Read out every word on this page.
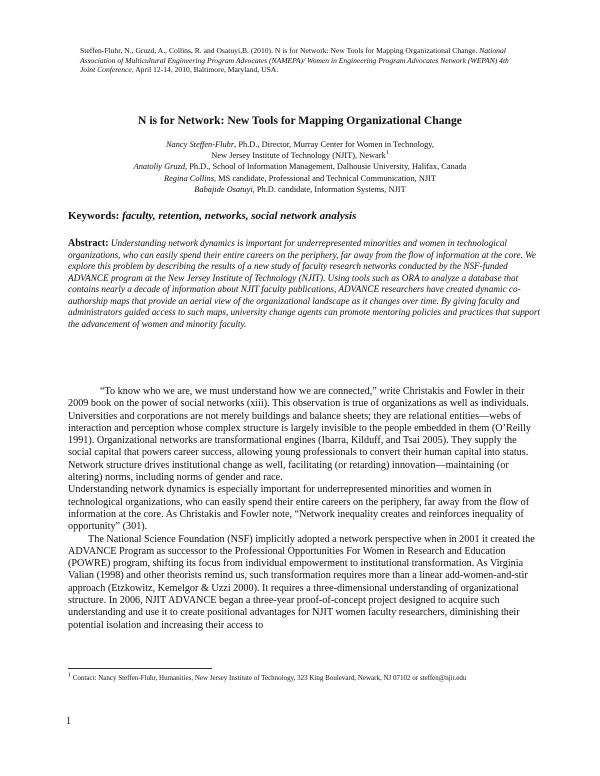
Steffen-Fluhr, N., Gruzd, A., Collins, R. and Osatuyi,B. (2010). N is for Network: New Tools for Mapping Organizational Change. National Association of Multicultural Engineering Program Advocates (NAMEPA)/ Women in Engineering Program Advocates Network (WEPAN) 4th Joint Conference, April 12-14, 2010, Baltimore, Maryland, USA.
N is for Network: New Tools for Mapping Organizational Change
Nancy Steffen-Fluhr, Ph.D., Director, Murray Center for Women in Technology,
New Jersey Institute of Technology (NJIT), Newark$^1$
Anatoliy Gruzd, Ph.D., School of Information Management, Dalhousie University, Halifax, Canada
Regina Collins, MS candidate, Professional and Technical Communication, NJIT
Babajide Osatuyi, Ph.D. candidate, Information Systems, NJIT
Keywords: faculty, retention, networks, social network analysis
Abstract: Understanding network dynamics is important for underrepresented minorities and women in technological organizations, who can easily spend their entire careers on the periphery, far away from the flow of information at the core. We explore this problem by describing the results of a new study of faculty research networks conducted by the NSF-funded ADVANCE program at the New Jersey Institute of Technology (NJIT). Using tools such as ORA to analyze a database that contains nearly a decade of information about NJIT faculty publications, ADVANCE researchers have created dynamic co-authorship maps that provide an aerial view of the organizational landscape as it changes over time. By giving faculty and administrators guided access to such maps, university change agents can promote mentoring policies and practices that support the advancement of women and minority faculty.

“To know who we are, we must understand how we are connected,” write Christakis and Fowler in their 2009 book on the power of social networks (xiii). This observation is true of organizations as well as individuals. Universities and corporations are not merely buildings and balance sheets; they are relational entities—webs of interaction and perception whose complex structure is largely invisible to the people embedded in them (O’Reilly 1991). Organizational networks are transformational engines (Ibarra, Kilduff, and Tsai 2005). They supply the social capital that powers career success, allowing young professionals to convert their human capital into status. Network structure drives institutional change as well, facilitating (or retarding) innovation—maintaining (or altering) norms, including norms of gender and race.

Understanding network dynamics is especially important for underrepresented minorities and women in technological organizations, who can easily spend their entire careers on the periphery, far away from the flow of information at the core. As Christakis and Fowler note, “Network inequality creates and reinforces inequality of opportunity” (301).

The National Science Foundation (NSF) implicitly adopted a network perspective when in 2001 it created the ADVANCE Program as successor to the Professional Opportunities For Women in Research and Education (POWRE) program, shifting its focus from individual empowerment to institutional transformation. As Virginia Valian (1998) and other theorists remind us, such transformation requires more than a linear add-women-and-stir approach (Etzkowitz, Kemelgor & Uzzi 2000). It requires a three-dimensional understanding of organizational structure. In 2006, NJIT ADVANCE began a three-year proof-of-concept project designed to acquire such understanding and use it to create positional advantages for NJIT women faculty researchers, diminishing their potential isolation and increasing their access to

$^1$ Contact: Nancy Steffen-Fluhr, Humanities, New Jersey Institute of Technology, 323 King Boulevard, Newark, NJ 07102 or steffen@njit.edu
1
